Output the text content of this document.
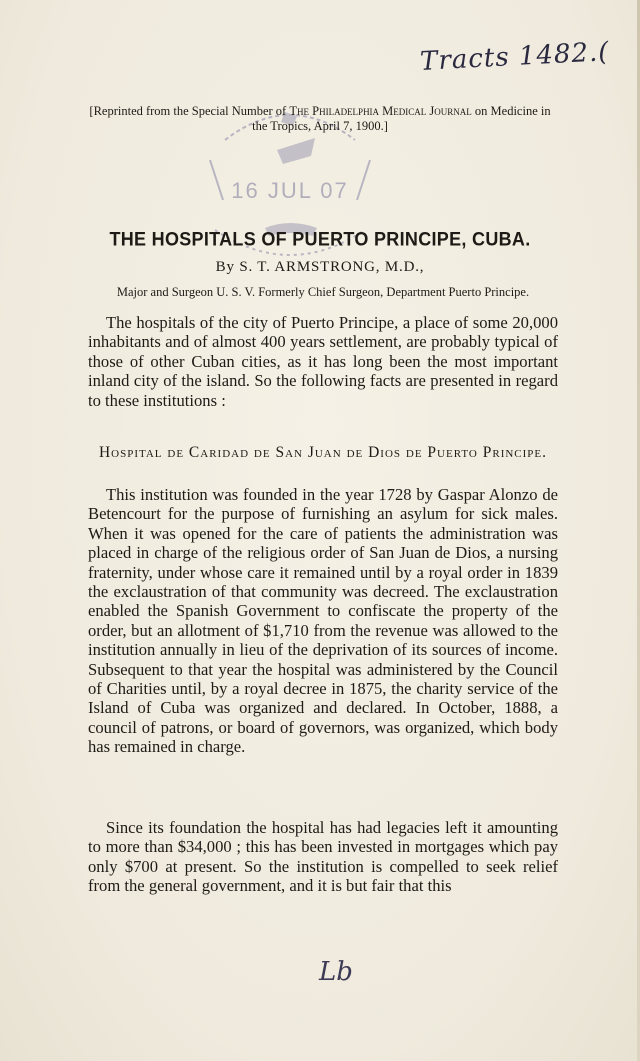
Tracts 1482.(
16 JUL 07
[Reprinted from the Special Number of The Philadelphia Medical Journal on Medicine in the Tropics, April 7, 1900.]
THE HOSPITALS OF PUERTO PRINCIPE, CUBA.
By S. T. ARMSTRONG, M.D.,
Major and Surgeon U. S. V. Formerly Chief Surgeon, Department Puerto Principe.

The hospitals of the city of Puerto Principe, a place of some 20,000 inhabitants and of almost 400 years settlement, are probably typical of those of other Cuban cities, as it has long been the most important inland city of the island. So the following facts are presented in regard to these institutions :

Hospital de Caridad de San Juan de Dios de Puerto Principe.

This institution was founded in the year 1728 by Gaspar Alonzo de Betencourt for the purpose of furnishing an asylum for sick males. When it was opened for the care of patients the administration was placed in charge of the religious order of San Juan de Dios, a nursing fraternity, under whose care it remained until by a royal order in 1839 the exclaustration of that community was decreed. The exclaustration enabled the Spanish Government to confiscate the property of the order, but an allotment of $1,710 from the revenue was allowed to the institution annually in lieu of the deprivation of its sources of income. Subsequent to that year the hospital was administered by the Council of Charities until, by a royal decree in 1875, the charity service of the Island of Cuba was organized and declared. In October, 1888, a council of patrons, or board of governors, was organized, which body has remained in charge.

Since its foundation the hospital has had legacies left it amounting to more than $34,000 ; this has been invested in mortgages which pay only $700 at present. So the institution is compelled to seek relief from the general government, and it is but fair that this

Lb
